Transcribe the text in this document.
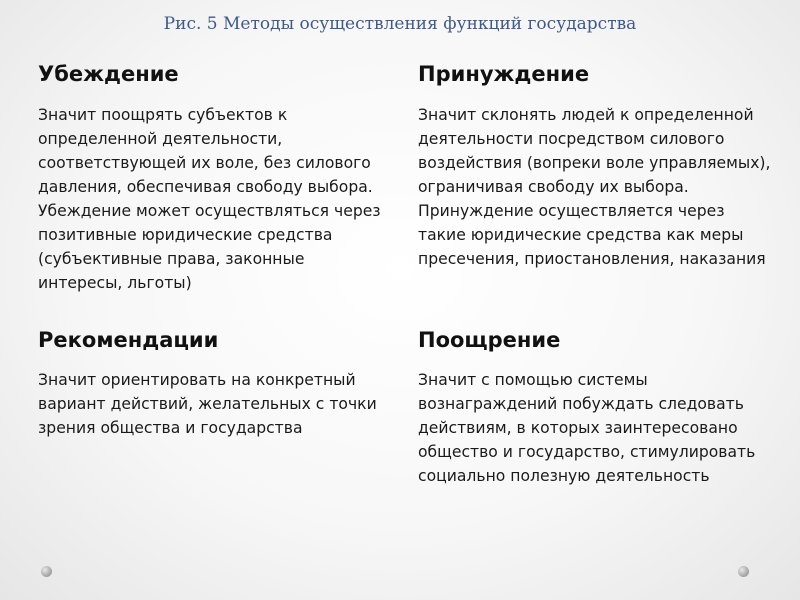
Рис. 5 Методы осуществления функций государства
Убеждение

Значит поощрять субъектов к определенной деятельности, соответствующей их воле, без силового давления, обеспечивая свободу выбора. Убеждение может осуществляться через позитивные юридические средства (субъективные права, законные интересы, льготы)

Принуждение

Значит склонять людей к определенной деятельности посредством силового воздействия (вопреки воле управляемых), ограничивая свободу их выбора. Принуждение осуществляется через такие юридические средства как меры пресечения, приостановления, наказания

Рекомендации

Значит ориентировать на конкретный вариант действий, желательных с точки зрения общества и государства

Поощрение

Значит с помощью системы вознаграждений побуждать следовать действиям, в которых заинтересовано общество и государство, стимулировать социально полезную деятельность
